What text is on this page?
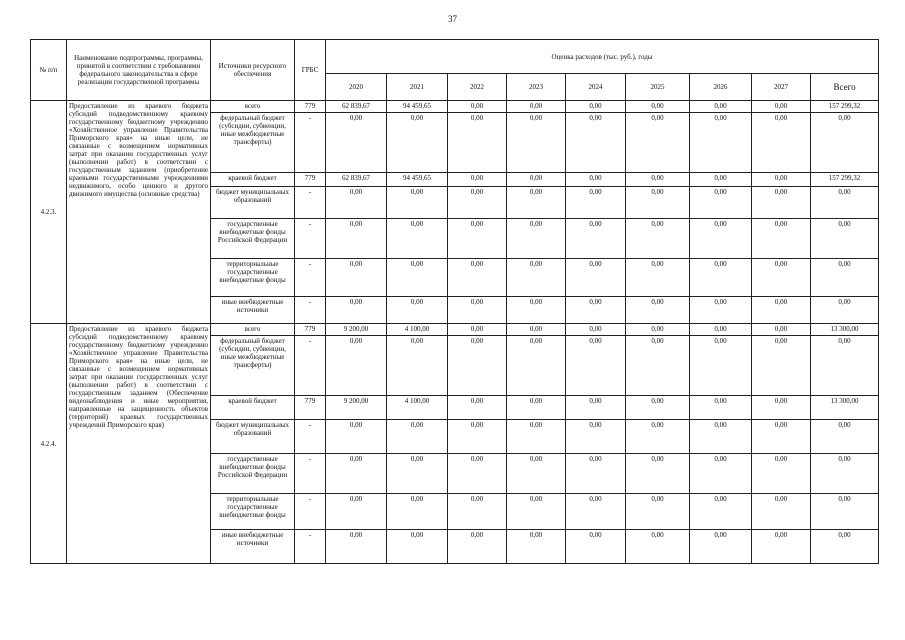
37
№ п/п	Наименование подпрограммы, программы, принятой в соответствии с требованиями федерального законодательства в сфере реализации государственной программы	Источники ресурсного обеспечения	ГРБС	Оценка расходов (тыс. руб.), годы								
				2020	2021	2022	2023	2024	2025	2026	2027	Всего
4.2.3.	Предоставление из краевого бюджета субсидий подведомственному краевому государственному бюджетному учреждению «Хозяйственное управление Правительства Приморского края» на иные цели, не связанные с возмещением нормативных затрат при оказании государственных услуг (выполнении работ) в соответствии с государственным заданием (приобретение краевыми государственными учреждениями недвижимого, особо ценного и другого движимого имущества (основные средства)	всего	779	62 839,67	94 459,65	0,00	0,00	0,00	0,00	0,00	0,00	157 299,32
		федеральный бюджет (субсидии, субвенции, иные межбюджетные трансферты)	-	0,00	0,00	0,00	0,00	0,00	0,00	0,00	0,00	0,00
		краевой бюджет	779	62 839,67	94 459,65	0,00	0,00	0,00	0,00	0,00	0,00	157 299,32
		бюджет муниципальных образований	-	0,00	0,00	0,00	0,00	0,00	0,00	0,00	0,00	0,00
		государственные внебюджетные фонды Российской Федерации	-	0,00	0,00	0,00	0,00	0,00	0,00	0,00	0,00	0,00
		территориальные государственные внебюджетные фонды	-	0,00	0,00	0,00	0,00	0,00	0,00	0,00	0,00	0,00
		иные внебюджетные источники	-	0,00	0,00	0,00	0,00	0,00	0,00	0,00	0,00	0,00
4.2.4.	Предоставление из краевого бюджета субсидий подведомственному краевому государственному бюджетному учреждению «Хозяйственное управление Правительства Приморского края» на иные цели, не связанные с возмещением нормативных затрат при оказании государственных услуг (выполнении работ) в соответствии с государственным заданием (Обеспечение видеонаблюдения и иные мероприятия, направленные на защищенность объектов (территорий) краевых государственных учреждений Приморского края)	всего	779	9 200,00	4 100,00	0,00	0,00	0,00	0,00	0,00	0,00	13 300,00
		федеральный бюджет (субсидии, субвенции, иные межбюджетные трансферты)	-	0,00	0,00	0,00	0,00	0,00	0,00	0,00	0,00	0,00
		краевой бюджет	779	9 200,00	4 100,00	0,00	0,00	0,00	0,00	0,00	0,00	13 300,00
		бюджет муниципальных образований	-	0,00	0,00	0,00	0,00	0,00	0,00	0,00	0,00	0,00
		государственные внебюджетные фонды Российской Федерации	-	0,00	0,00	0,00	0,00	0,00	0,00	0,00	0,00	0,00
		территориальные государственные внебюджетные фонды	-	0,00	0,00	0,00	0,00	0,00	0,00	0,00	0,00	0,00
		иные внебюджетные источники	-	0,00	0,00	0,00	0,00	0,00	0,00	0,00	0,00	0,00
